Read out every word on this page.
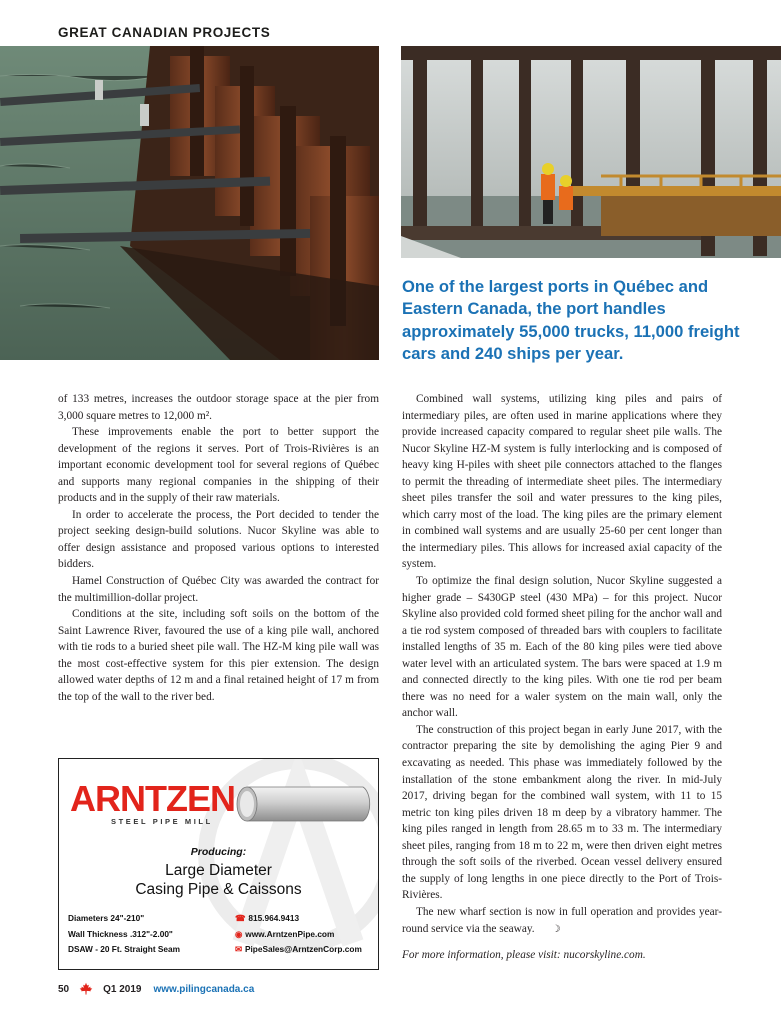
GREAT CANADIAN PROJECTS
One of the largest ports in Québec and Eastern Canada, the port handles approximately 55,000 trucks, 11,000 freight cars and 240 ships per year.

of 133 metres, increases the outdoor storage space at the pier from 3,000 square metres to 12,000 m².

These improvements enable the port to better support the development of the regions it serves. Port of Trois-Rivières is an important economic development tool for several regions of Québec and supports many regional companies in the shipping of their products and in the supply of their raw materials.

In order to accelerate the process, the Port decided to tender the project seeking design-build solutions. Nucor Skyline was able to offer design assistance and proposed various options to interested bidders.

Hamel Construction of Québec City was awarded the contract for the multimillion-dollar project.

Conditions at the site, including soft soils on the bottom of the Saint Lawrence River, favoured the use of a king pile wall, anchored with tie rods to a buried sheet pile wall. The HZ-M king pile wall was the most cost-effective system for this pier extension. The design allowed water depths of 12 m and a final retained height of 17 m from the top of the wall to the river bed.

Combined wall systems, utilizing king piles and pairs of intermediary piles, are often used in marine applications where they provide increased capacity compared to regular sheet pile walls. The Nucor Skyline HZ-M system is fully interlocking and is composed of heavy king H-piles with sheet pile connectors attached to the flanges to permit the threading of intermediate sheet piles. The intermediary sheet piles transfer the soil and water pressures to the king piles, which carry most of the load. The king piles are the primary element in combined wall systems and are usually 25-60 per cent longer than the intermediary piles. This allows for increased axial capacity of the system.

To optimize the final design solution, Nucor Skyline suggested a higher grade – S430GP steel (430 MPa) – for this project. Nucor Skyline also provided cold formed sheet piling for the anchor wall and a tie rod system composed of threaded bars with couplers to facilitate installed lengths of 35 m. Each of the 80 king piles were tied above water level with an articulated system. The bars were spaced at 1.9 m and connected directly to the king piles. With one tie rod per beam there was no need for a waler system on the main wall, only the anchor wall.

The construction of this project began in early June 2017, with the contractor preparing the site by demolishing the aging Pier 9 and excavating as needed. This phase was immediately followed by the installation of the stone embankment along the river. In mid-July 2017, driving began for the combined wall system, with 11 to 15 metric ton king piles driven 18 m deep by a vibratory hammer. The king piles ranged in length from 28.65 m to 33 m. The intermediary sheet piles, ranging from 18 m to 22 m, were then driven eight metres through the soft soils of the riverbed. Ocean vessel delivery ensured the supply of long lengths in one piece directly to the Port of Trois-Rivières.

The new wharf section is now in full operation and provides year-round service via the seaway. ☽

For more information, please visit: nucorskyline.com.

ARNTZEN
STEEL PIPE MILL
Producing:
Large Diameter
Casing Pipe & Caissons
Diameters 24"-210"
Wall Thickness .312"-2.00"
DSAW - 20 Ft. Straight Seam
☎ 815.964.9413
◉ www.ArntzenPipe.com
✉ PipeSales@ArntzenCorp.com
50	Q1 2019 www.pilingcanada.ca
